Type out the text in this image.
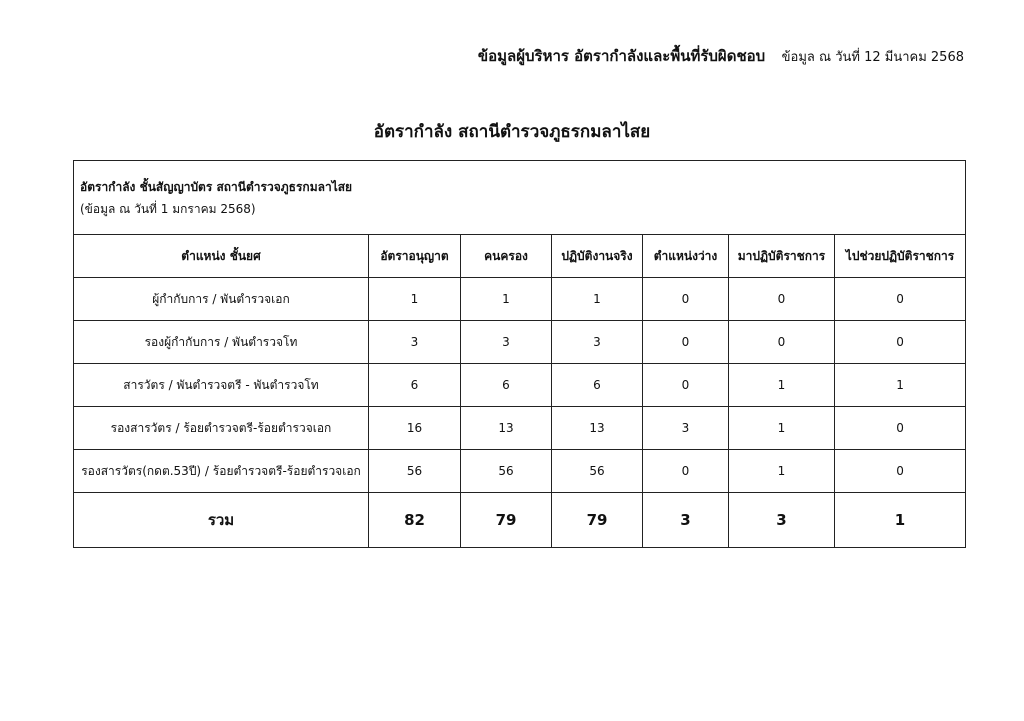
ข้อมูลผู้บริหาร อัตรากำลังและพื้นที่รับผิดชอบ ข้อมูล ณ วันที่ 12 มีนาคม 2568
อัตรากำลัง สถานีตำรวจภูธรกมลาไสย
อัตรากำลัง ชั้นสัญญาบัตร สถานีตำรวจภูธรกมลาไสย
(ข้อมูล ณ วันที่ 1 มกราคม 2568)						

ตำแหน่ง ชั้นยศ	อัตราอนุญาต	คนครอง	ปฏิบัติงานจริง	ตำแหน่งว่าง	มาปฏิบัติราชการ	ไปช่วยปฏิบัติราชการ
ผู้กำกับการ / พันตำรวจเอก	1	1	1	0	0	0
รองผู้กำกับการ / พันตำรวจโท	3	3	3	0	0	0
สารวัตร / พันตำรวจตรี - พันตำรวจโท	6	6	6	0	1	1
รองสารวัตร / ร้อยตำรวจตรี-ร้อยตำรวจเอก	16	13	13	3	1	0
รองสารวัตร(กดต.53ปี) / ร้อยตำรวจตรี-ร้อยตำรวจเอก	56	56	56	0	1	0
รวม	82	79	79	3	3	1
